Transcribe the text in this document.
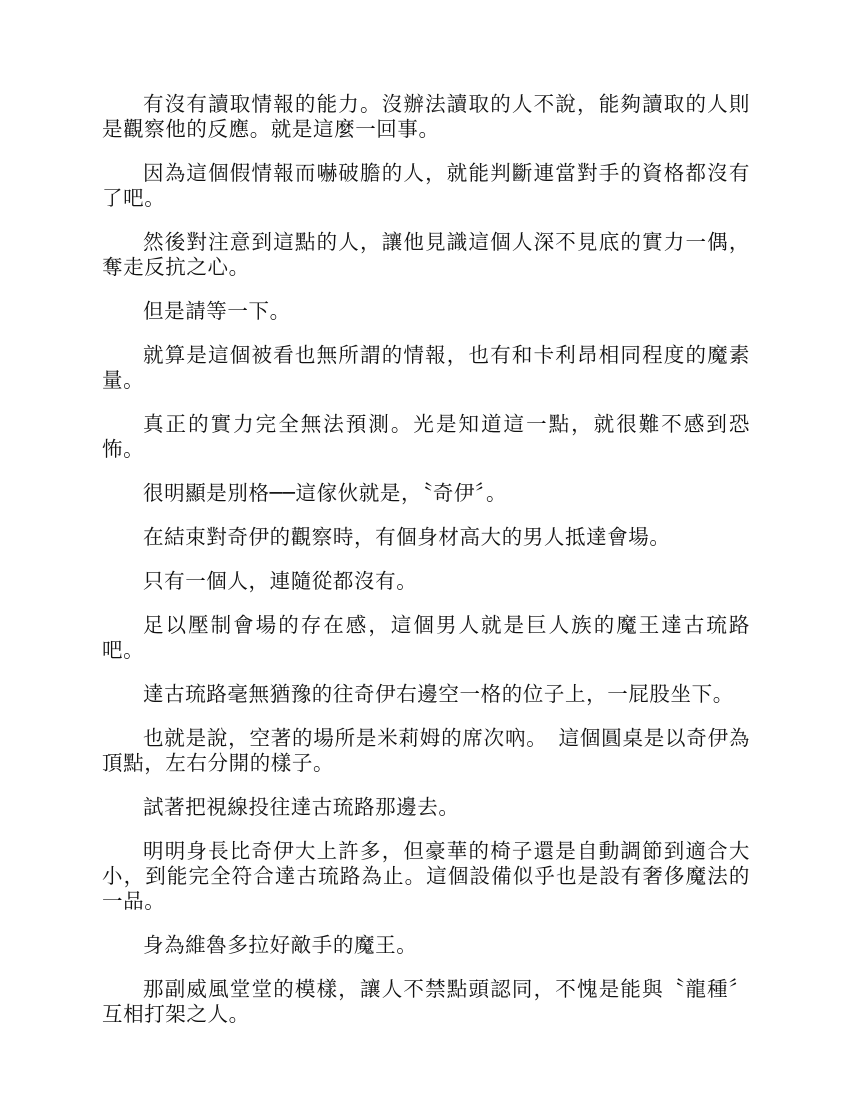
有沒有讀取情報的能力。沒辦法讀取的人不說，能夠讀取的人則是觀察他的反應。就是這麼一回事。

因為這個假情報而嚇破膽的人，就能判斷連當對手的資格都沒有了吧。

然後對注意到這點的人，讓他見識這個人深不見底的實力一偶，奪走反抗之心。

但是請等一下。

就算是這個被看也無所謂的情報，也有和卡利昂相同程度的魔素量。

真正的實力完全無法預測。光是知道這一點，就很難不感到恐怖。

很明顯是別格──這傢伙就是，〝奇伊〞。

在結束對奇伊的觀察時，有個身材高大的男人抵達會場。

只有一個人，連隨從都沒有。

足以壓制會場的存在感，這個男人就是巨人族的魔王達古琉路吧。

達古琉路毫無猶豫的往奇伊右邊空一格的位子上，一屁股坐下。

也就是說，空著的場所是米莉姆的席次吶。　這個圓桌是以奇伊為頂點，左右分開的樣子。

試著把視線投往達古琉路那邊去。

明明身長比奇伊大上許多，但豪華的椅子還是自動調節到適合大小，到能完全符合達古琉路為止。這個設備似乎也是設有奢侈魔法的一品。

身為維魯多拉好敵手的魔王。

那副威風堂堂的模樣，讓人不禁點頭認同，不愧是能與〝龍種〞互相打架之人。
